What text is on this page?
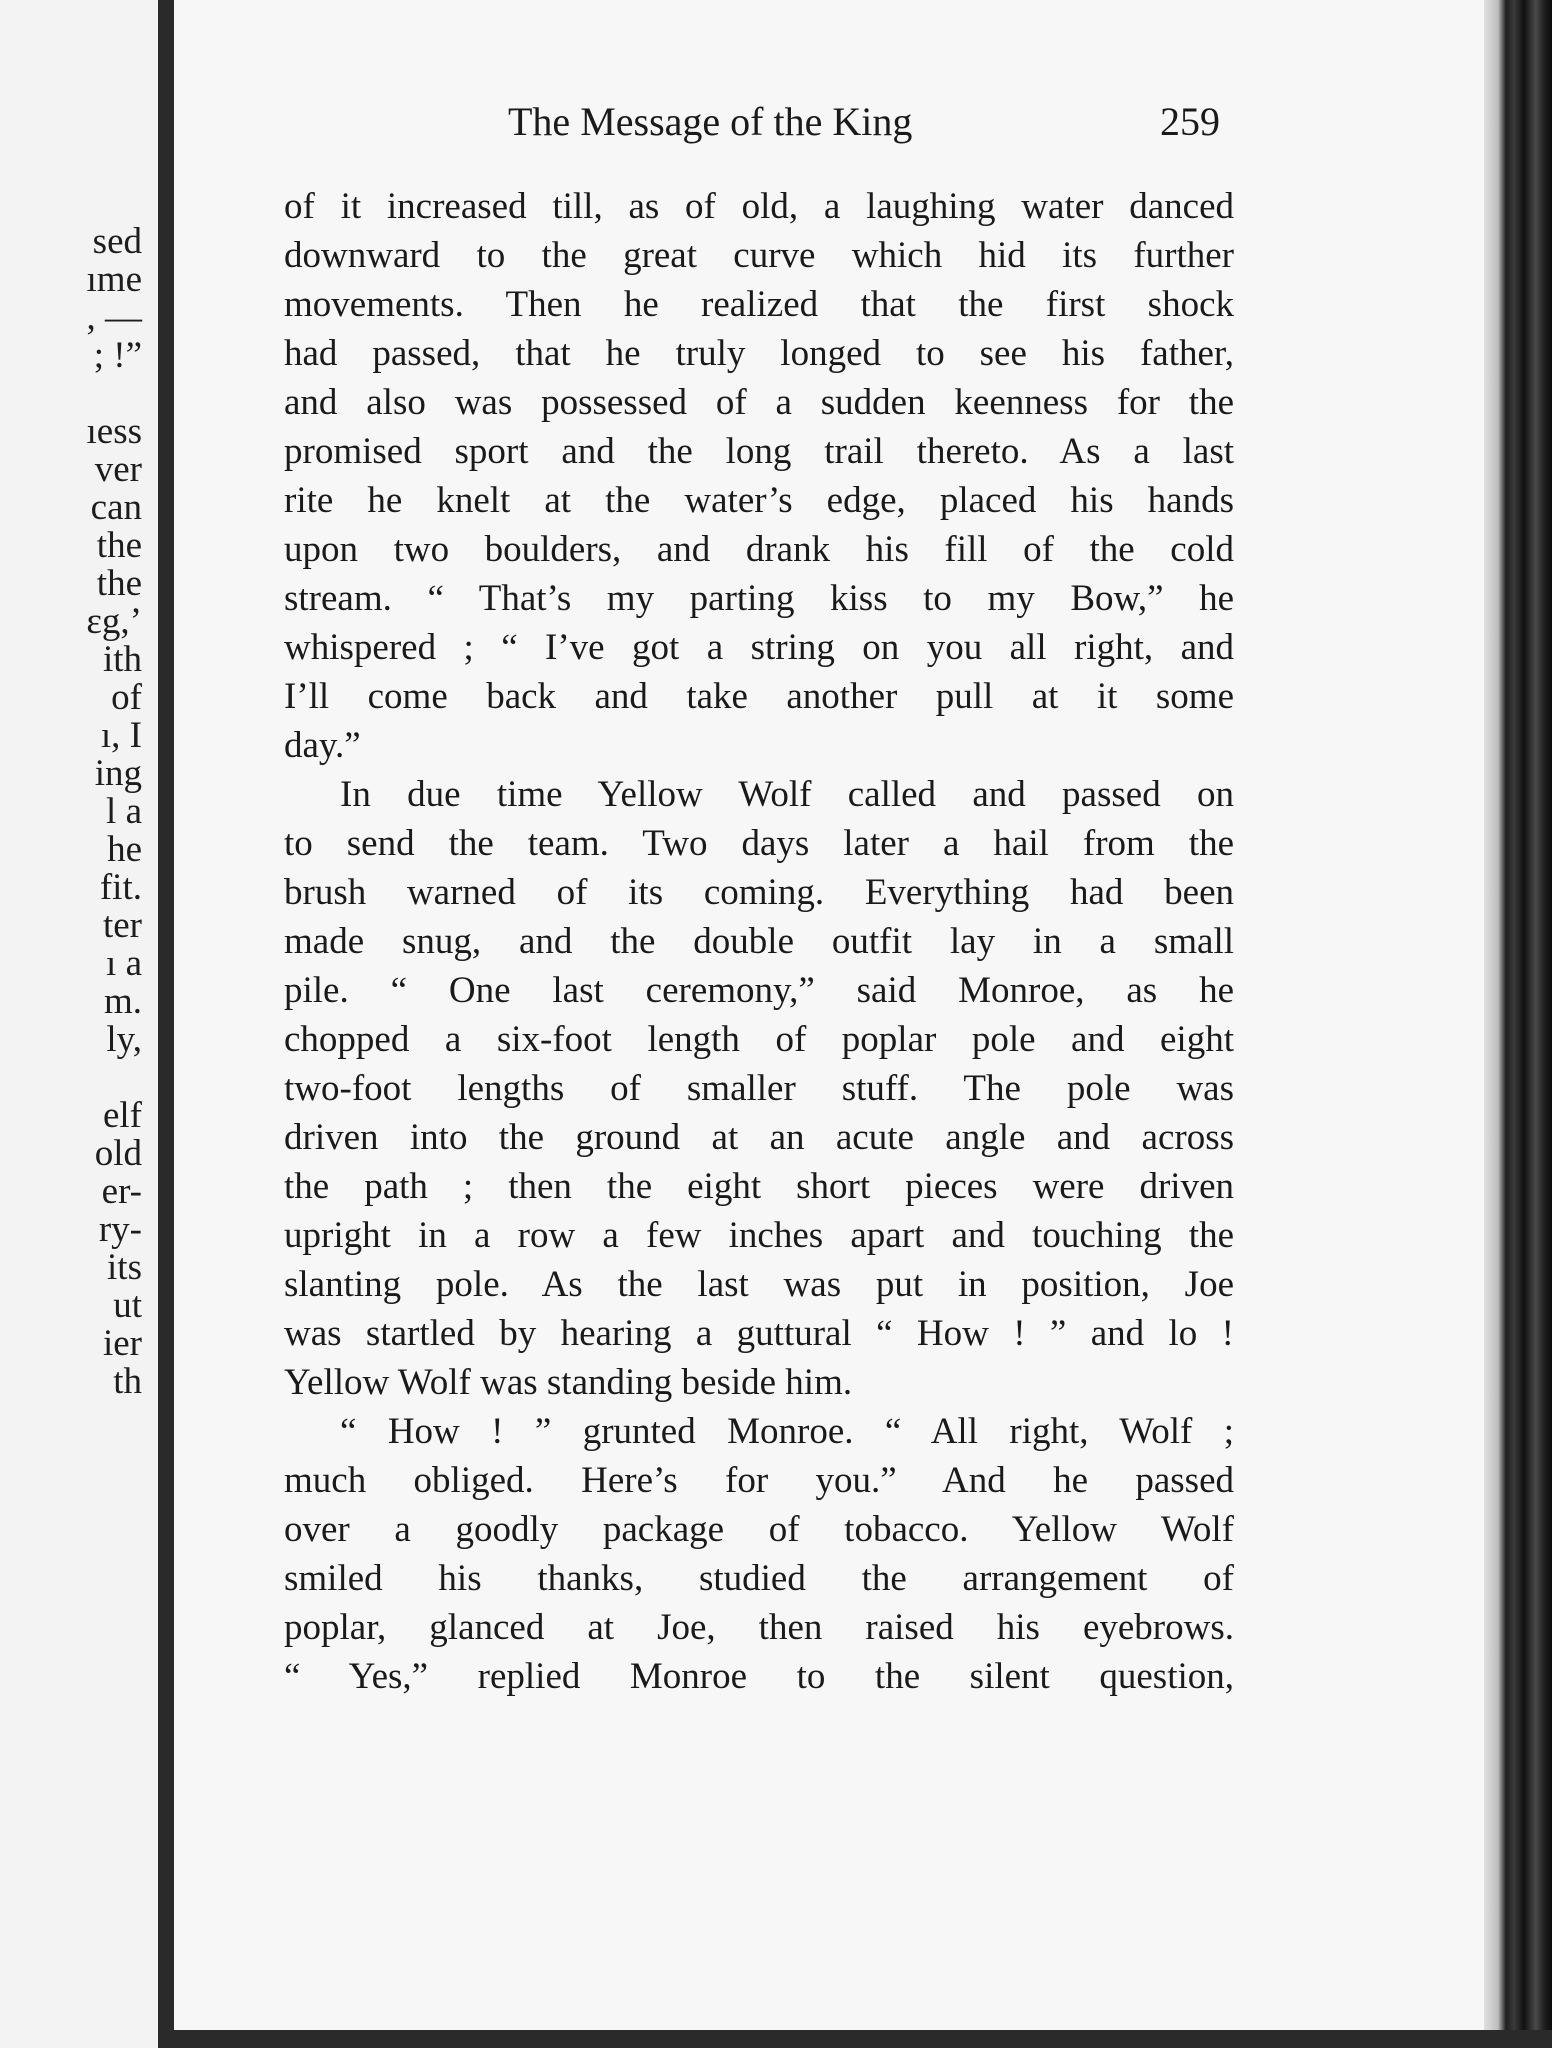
sed
ıme
, —
; !”
ıess
ver
can
the
the
ɛg,’
ith
of
ı, I
ing
l a
he
fit.
ter
ı a
m.
ly,
elf
old
er-
ry-
its
ut
ier
th
The Message of the King	259
of it increased till, as of old, a laughing water danced
downward to the great curve which hid its further
movements. Then he realized that the first shock
had passed, that he truly longed to see his father,
and also was possessed of a sudden keenness for the
promised sport and the long trail thereto. As a last
rite he knelt at the water’s edge, placed his hands
upon two boulders, and drank his fill of the cold
stream. “ That’s my parting kiss to my Bow,” he
whispered ; “ I’ve got a string on you all right, and
I’ll come back and take another pull at it some
day.”
In due time Yellow Wolf called and passed on
to send the team. Two days later a hail from the
brush warned of its coming. Everything had been
made snug, and the double outfit lay in a small
pile. “ One last ceremony,” said Monroe, as he
chopped a six-foot length of poplar pole and eight
two-foot lengths of smaller stuff. The pole was
driven into the ground at an acute angle and across
the path ; then the eight short pieces were driven
upright in a row a few inches apart and touching the
slanting pole. As the last was put in position, Joe
was startled by hearing a guttural “ How ! ” and lo !
Yellow Wolf was standing beside him.
“ How ! ” grunted Monroe. “ All right, Wolf ;
much obliged. Here’s for you.” And he passed
over a goodly package of tobacco. Yellow Wolf
smiled his thanks, studied the arrangement of
poplar, glanced at Joe, then raised his eyebrows.
“ Yes,” replied Monroe to the silent question,
